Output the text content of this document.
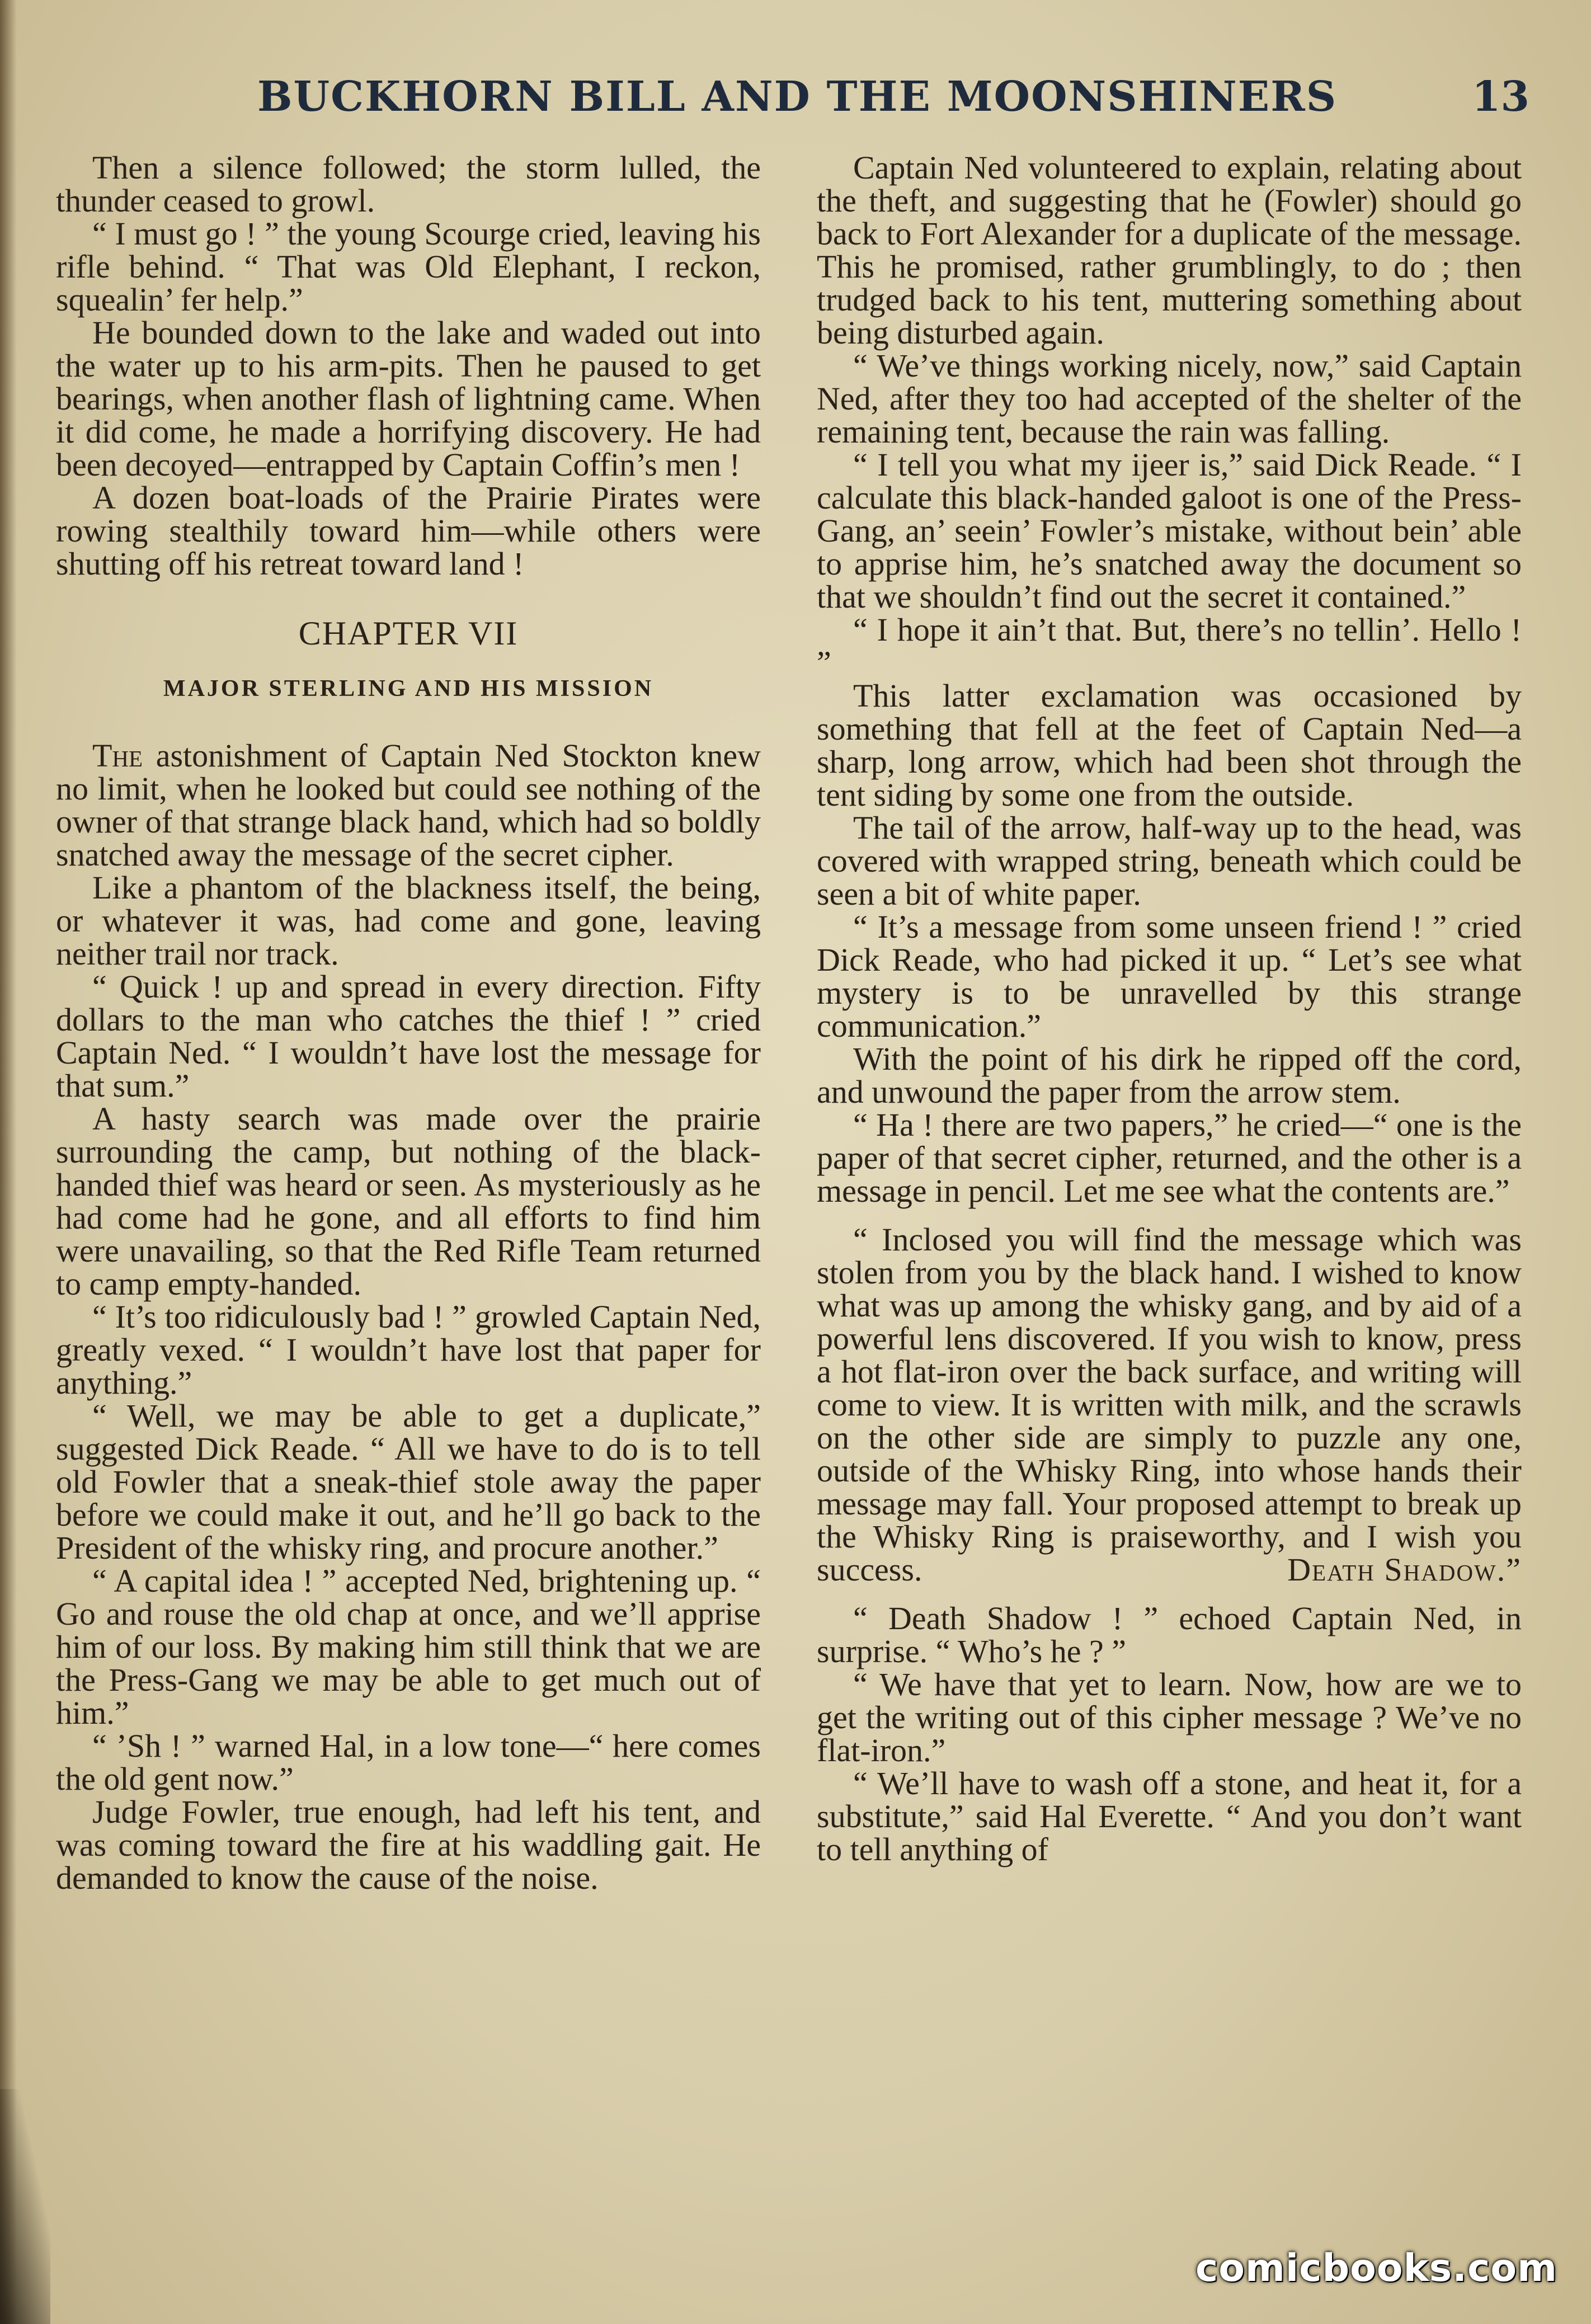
BUCKHORN BILL AND THE MOONSHINERS	13

Then a silence followed; the storm lulled, the thunder ceased to growl.

“ I must go ! ” the young Scourge cried, leaving his rifle behind. “ That was Old Elephant, I reckon, squealin’ fer help.”

He bounded down to the lake and waded out into the water up to his arm-pits. Then he paused to get bearings, when another flash of lightning came. When it did come, he made a horrifying discovery. He had been decoyed—entrapped by Captain Coffin’s men !

A dozen boat-loads of the Prairie Pirates were rowing stealthily toward him—while others were shutting off his retreat toward land !

CHAPTER VII
MAJOR STERLING AND HIS MISSION

The astonishment of Captain Ned Stockton knew no limit, when he looked but could see nothing of the owner of that strange black hand, which had so boldly snatched away the message of the secret cipher.

Like a phantom of the blackness itself, the being, or whatever it was, had come and gone, leaving neither trail nor track.

“ Quick ! up and spread in every direction. Fifty dollars to the man who catches the thief ! ” cried Captain Ned. “ I wouldn’t have lost the message for that sum.”

A hasty search was made over the prairie surrounding the camp, but nothing of the black-handed thief was heard or seen. As mysteriously as he had come had he gone, and all efforts to find him were unavailing, so that the Red Rifle Team returned to camp empty-handed.

“ It’s too ridiculously bad ! ” growled Captain Ned, greatly vexed. “ I wouldn’t have lost that paper for anything.”

“ Well, we may be able to get a duplicate,” suggested Dick Reade. “ All we have to do is to tell old Fowler that a sneak-thief stole away the paper before we could make it out, and he’ll go back to the President of the whisky ring, and procure another.”

“ A capital idea ! ” accepted Ned, brightening up. “ Go and rouse the old chap at once, and we’ll apprise him of our loss. By making him still think that we are the Press-Gang we may be able to get much out of him.”

“ ’Sh ! ” warned Hal, in a low tone—“ here comes the old gent now.”

Judge Fowler, true enough, had left his tent, and was coming toward the fire at his waddling gait. He demanded to know the cause of the noise.

Captain Ned volunteered to explain, relating about the theft, and suggesting that he (Fowler) should go back to Fort Alexander for a duplicate of the message. This he promised, rather grumblingly, to do ; then trudged back to his tent, muttering something about being disturbed again.

“ We’ve things working nicely, now,” said Captain Ned, after they too had accepted of the shelter of the remaining tent, because the rain was falling.

“ I tell you what my ijeer is,” said Dick Reade. “ I calculate this black-handed galoot is one of the Press-Gang, an’ seein’ Fowler’s mistake, without bein’ able to apprise him, he’s snatched away the document so that we shouldn’t find out the secret it contained.”

“ I hope it ain’t that. But, there’s no tellin’. Hello ! ”

This latter exclamation was occasioned by something that fell at the feet of Captain Ned—a sharp, long arrow, which had been shot through the tent siding by some one from the outside.

The tail of the arrow, half-way up to the head, was covered with wrapped string, beneath which could be seen a bit of white paper.

“ It’s a message from some unseen friend ! ” cried Dick Reade, who had picked it up. “ Let’s see what mystery is to be unravelled by this strange communication.”

With the point of his dirk he ripped off the cord, and unwound the paper from the arrow stem.

“ Ha ! there are two papers,” he cried—“ one is the paper of that secret cipher, returned, and the other is a message in pencil. Let me see what the contents are.”

“ Inclosed you will find the message which was stolen from you by the black hand. I wished to know what was up among the whisky gang, and by aid of a powerful lens discovered. If you wish to know, press a hot flat-iron over the back surface, and writing will come to view. It is written with milk, and the scrawls on the other side are simply to puzzle any one, outside of the Whisky Ring, into whose hands their message may fall. Your proposed attempt to break up the Whisky Ring is praiseworthy, and I wish you success.	Death Shadow.”

“ Death Shadow ! ” echoed Captain Ned, in surprise. “ Who’s he ? ”

“ We have that yet to learn. Now, how are we to get the writing out of this cipher message ? We’ve no flat-iron.”

“ We’ll have to wash off a stone, and heat it, for a substitute,” said Hal Everette. “ And you don’t want to tell anything of

comicbooks.com
